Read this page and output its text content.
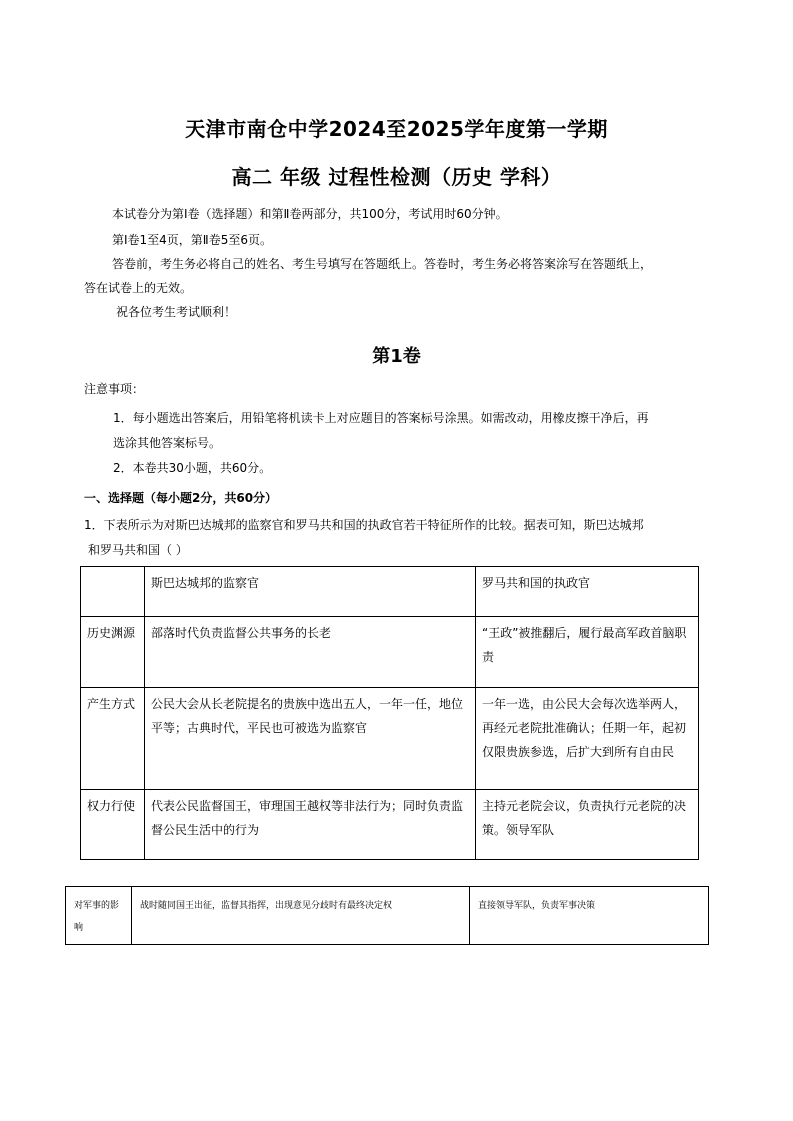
天津市南仓中学2024至2025学年度第一学期
高二 年级 过程性检测（历史 学科）
本试卷分为第Ⅰ卷（选择题）和第Ⅱ卷两部分，共100分，考试用时60分钟。
第Ⅰ卷1至4页，第Ⅱ卷5至6页。
答卷前，考生务必将自己的姓名、考生号填写在答题纸上。答卷时，考生务必将答案涂写在答题纸上，
答在试卷上的无效。
祝各位考生考试顺利！
第1卷
注意事项：
1．每小题选出答案后，用铅笔将机读卡上对应题目的答案标号涂黑。如需改动，用橡皮擦干净后，再
选涂其他答案标号。
2．本卷共30小题，共60分。
一、选择题（每小题2分，共60分）
1．下表所示为对斯巴达城邦的监察官和罗马共和国的执政官若干特征所作的比较。据表可知，斯巴达城邦
和罗马共和国（ ）
	斯巴达城邦的监察官	罗马共和国的执政官
历史渊源	部落时代负责监督公共事务的长老	“王政”被推翻后，履行最高军政首脑职责
产生方式	公民大会从长老院提名的贵族中选出五人，一年一任，地位平等；古典时代，平民也可被选为监察官	一年一选，由公民大会每次选举两人，再经元老院批准确认；任期一年，起初仅限贵族参选，后扩大到所有自由民
权力行使	代表公民监督国王，审理国王越权等非法行为；同时负责监督公民生活中的行为	主持元老院会议，负责执行元老院的决策。领导军队
对军事的影响	战时随同国王出征，监督其指挥，出现意见分歧时有最终决定权	直接领导军队，负责军事决策
